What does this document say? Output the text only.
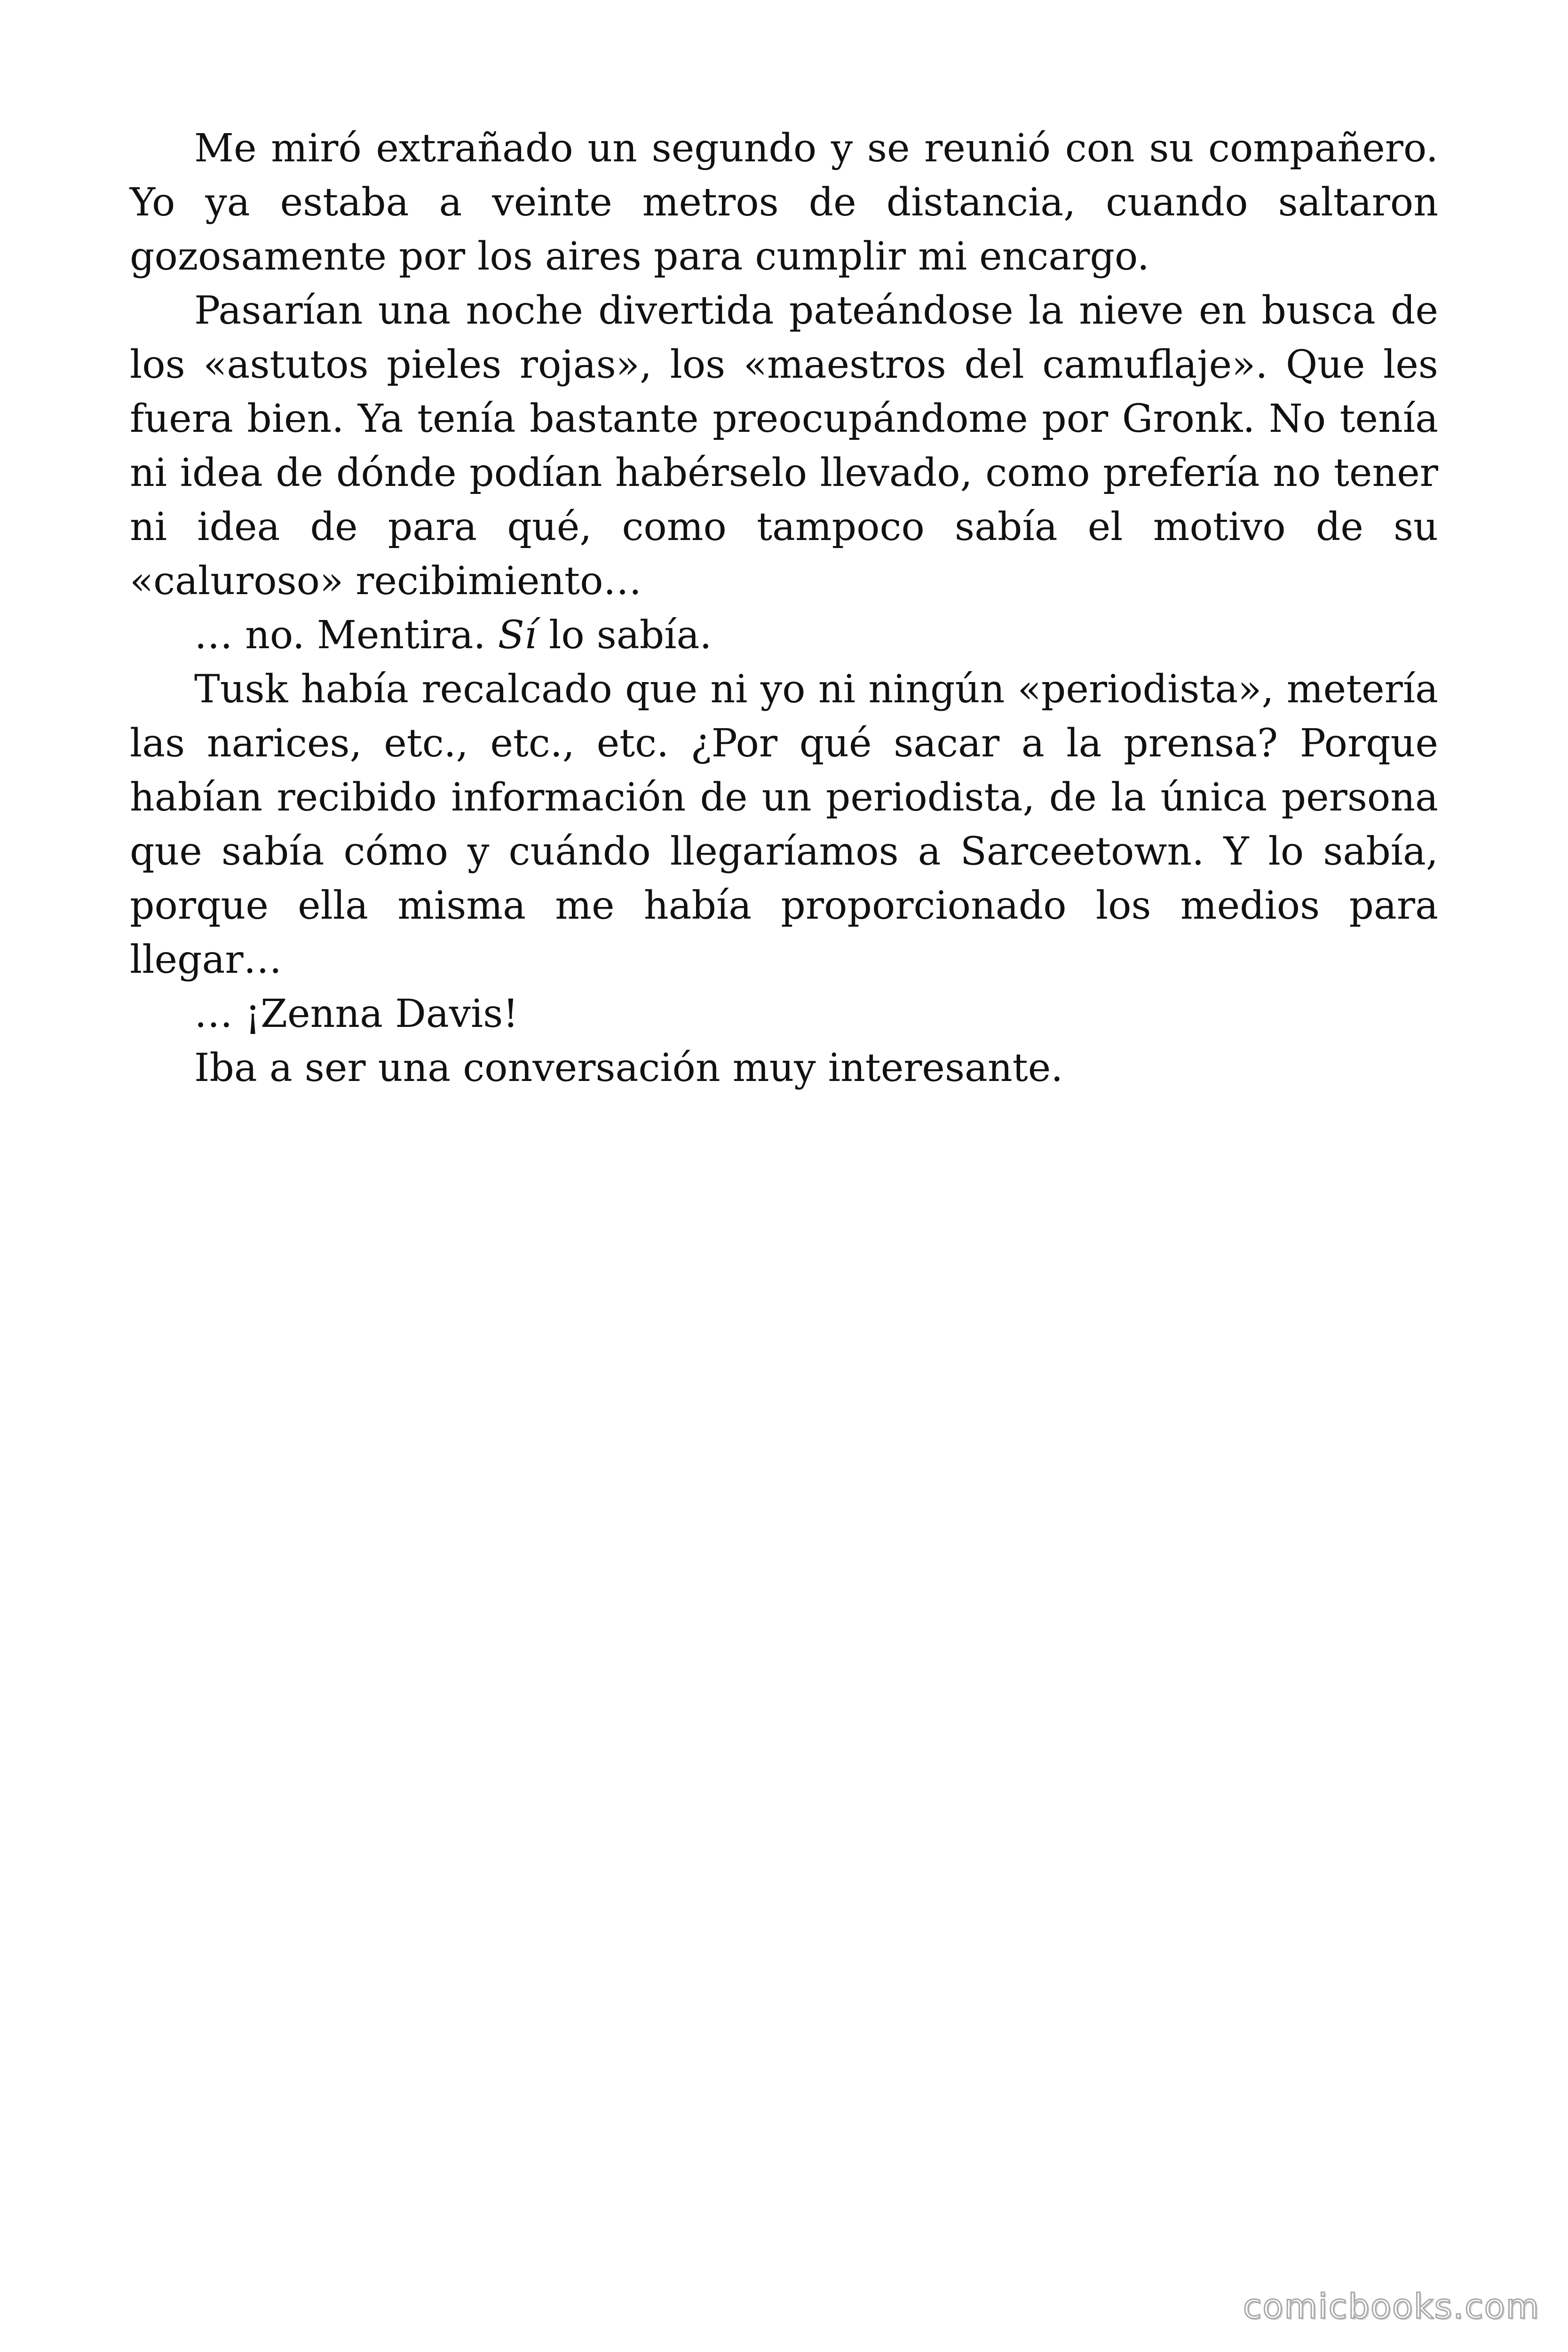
Me miró extrañado un segundo y se reunió con su compañero. Yo ya estaba a veinte metros de distancia, cuando saltaron gozosamente por los aires para cumplir mi encargo.

Pasarían una noche divertida pateándose la nieve en busca de los «astutos pieles rojas», los «maestros del camuflaje». Que les fuera bien. Ya tenía bastante preocupándome por Gronk. No tenía ni idea de dónde podían habérselo llevado, como prefería no tener ni idea de para qué, como tampoco sabía el motivo de su «caluroso» recibimiento…

… no. Mentira. Sí lo sabía.

Tusk había recalcado que ni yo ni ningún «periodista», metería las narices, etc., etc., etc. ¿Por qué sacar a la prensa? Porque habían recibido información de un periodista, de la única persona que sabía cómo y cuándo llegaríamos a Sarceetown. Y lo sabía, porque ella misma me había proporcionado los medios para llegar…

… ¡Zenna Davis!

Iba a ser una conversación muy interesante.

comicbooks.com
